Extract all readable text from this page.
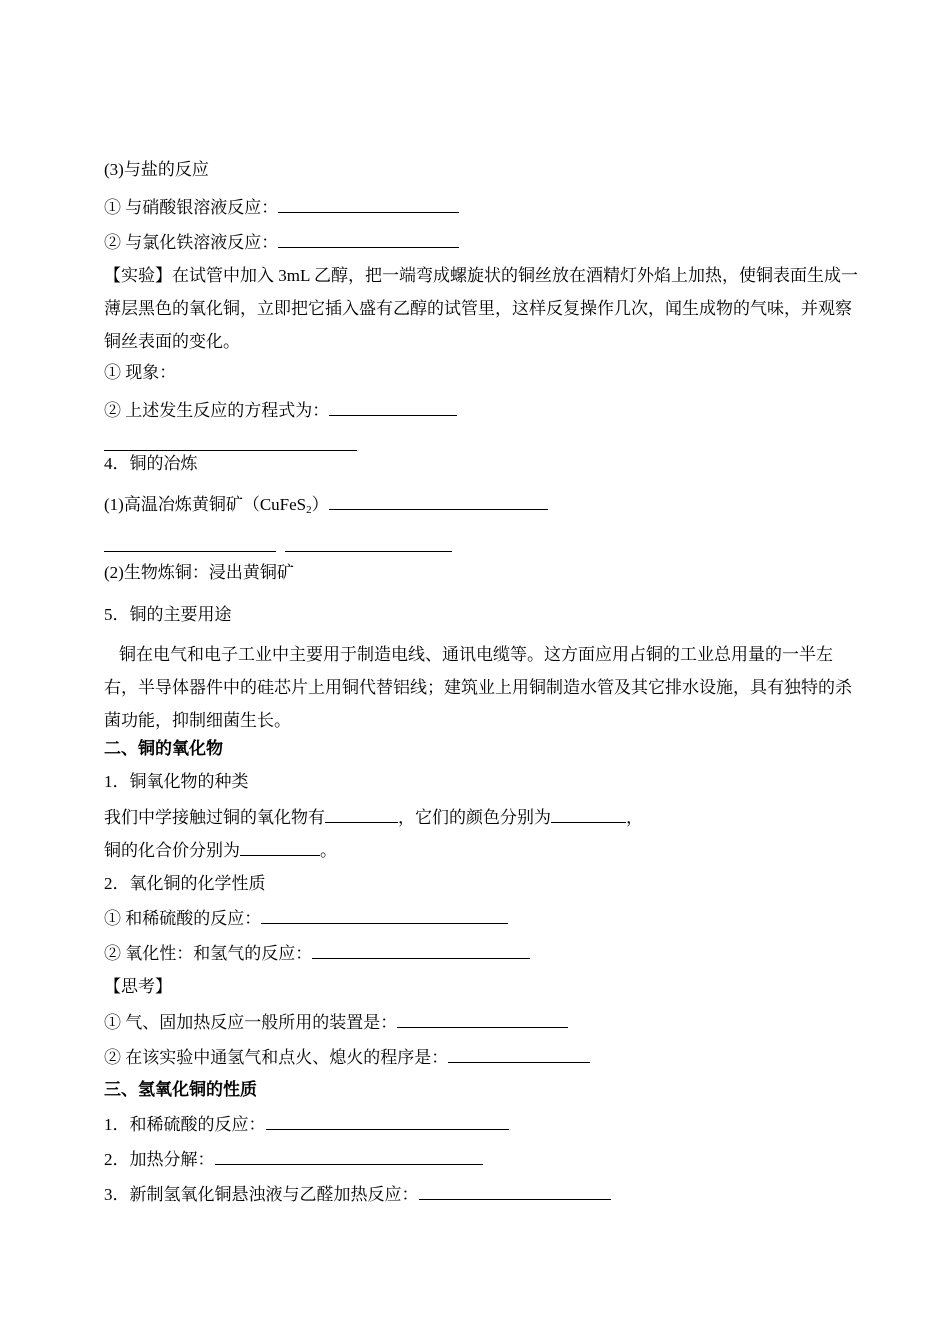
(3)与盐的反应
① 与硝酸银溶液反应：
② 与氯化铁溶液反应：
【实验】在试管中加入 3mL 乙醇，把一端弯成螺旋状的铜丝放在酒精灯外焰上加热，使铜表面生成一薄层黑色的氧化铜，立即把它插入盛有乙醇的试管里，这样反复操作几次，闻生成物的气味，并观察铜丝表面的变化。
① 现象：
② 上述发生反应的方程式为：
4．铜的冶炼
(1)高温冶炼黄铜矿（CuFeS$_2$）
(2)生物炼铜：浸出黄铜矿
5．铜的主要用途
铜在电气和电子工业中主要用于制造电线、通讯电缆等。这方面应用占铜的工业总用量的一半左右，半导体器件中的硅芯片上用铜代替铝线；建筑业上用铜制造水管及其它排水设施，具有独特的杀菌功能，抑制细菌生长。
二、铜的氧化物
1．铜氧化物的种类
我们中学接触过铜的氧化物有	，它们的颜色分别为	，
铜的化合价分别为	。
2．氧化铜的化学性质
① 和稀硫酸的反应：
② 氧化性：和氢气的反应：
【思考】
① 气、固加热反应一般所用的装置是：
② 在该实验中通氢气和点火、熄火的程序是：
三、氢氧化铜的性质
1．和稀硫酸的反应：
2．加热分解：
3．新制氢氧化铜悬浊液与乙醛加热反应：
